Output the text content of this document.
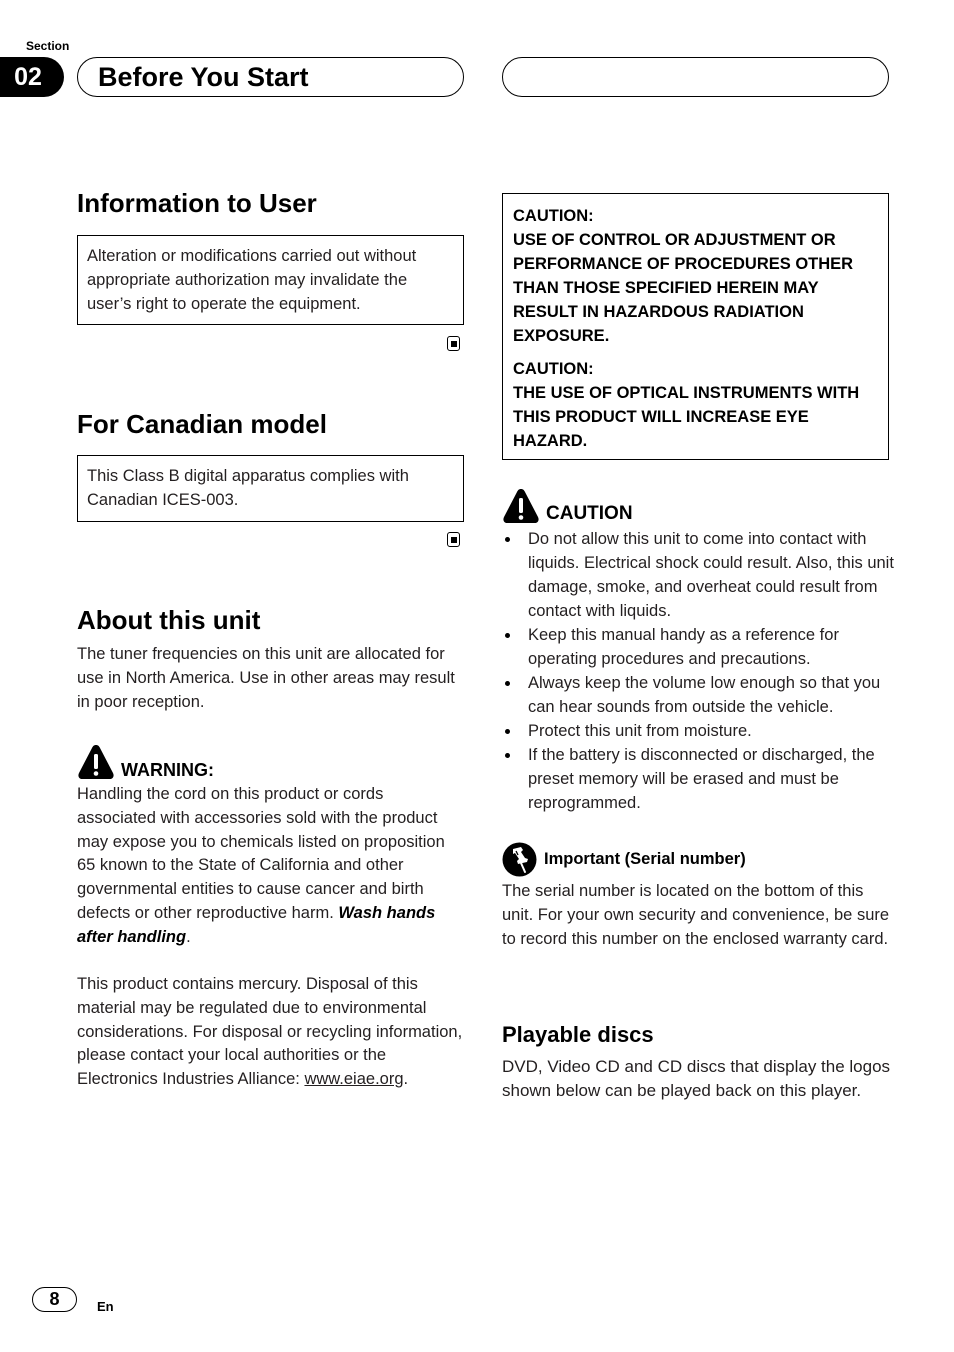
Section
02	Before You Start
Information to User
Alteration or modifications carried out without appropriate authorization may invalidate the user’s right to operate the equipment.
For Canadian model
This Class B digital apparatus complies with Canadian ICES-003.
About this unit
The tuner frequencies on this unit are allocated for use in North America. Use in other areas may result in poor reception.
WARNING:
Handling the cord on this product or cords associated with accessories sold with the product may expose you to chemicals listed on proposition 65 known to the State of California and other governmental entities to cause cancer and birth defects or other reproductive harm. Wash hands after handling.
This product contains mercury. Disposal of this material may be regulated due to environmental considerations. For disposal or recycling information, please contact your local authorities or the Electronics Industries Alliance: www.eiae.org.

CAUTION:

USE OF CONTROL OR ADJUSTMENT OR PERFORMANCE OF PROCEDURES OTHER THAN THOSE SPECIFIED HEREIN MAY RESULT IN HAZARDOUS RADIATION EXPOSURE.

CAUTION:

THE USE OF OPTICAL INSTRUMENTS WITH THIS PRODUCT WILL INCREASE EYE HAZARD.

CAUTION
Do not allow this unit to come into contact with liquids. Electrical shock could result. Also, this unit damage, smoke, and overheat could result from contact with liquids.
Keep this manual handy as a reference for operating procedures and precautions.
Always keep the volume low enough so that you can hear sounds from outside the vehicle.
Protect this unit from moisture.
If the battery is disconnected or discharged, the preset memory will be erased and must be reprogrammed.
Important (Serial number)
The serial number is located on the bottom of this unit. For your own security and convenience, be sure to record this number on the enclosed warranty card.
Playable discs
DVD, Video CD and CD discs that display the logos shown below can be played back on this player.
8	En
